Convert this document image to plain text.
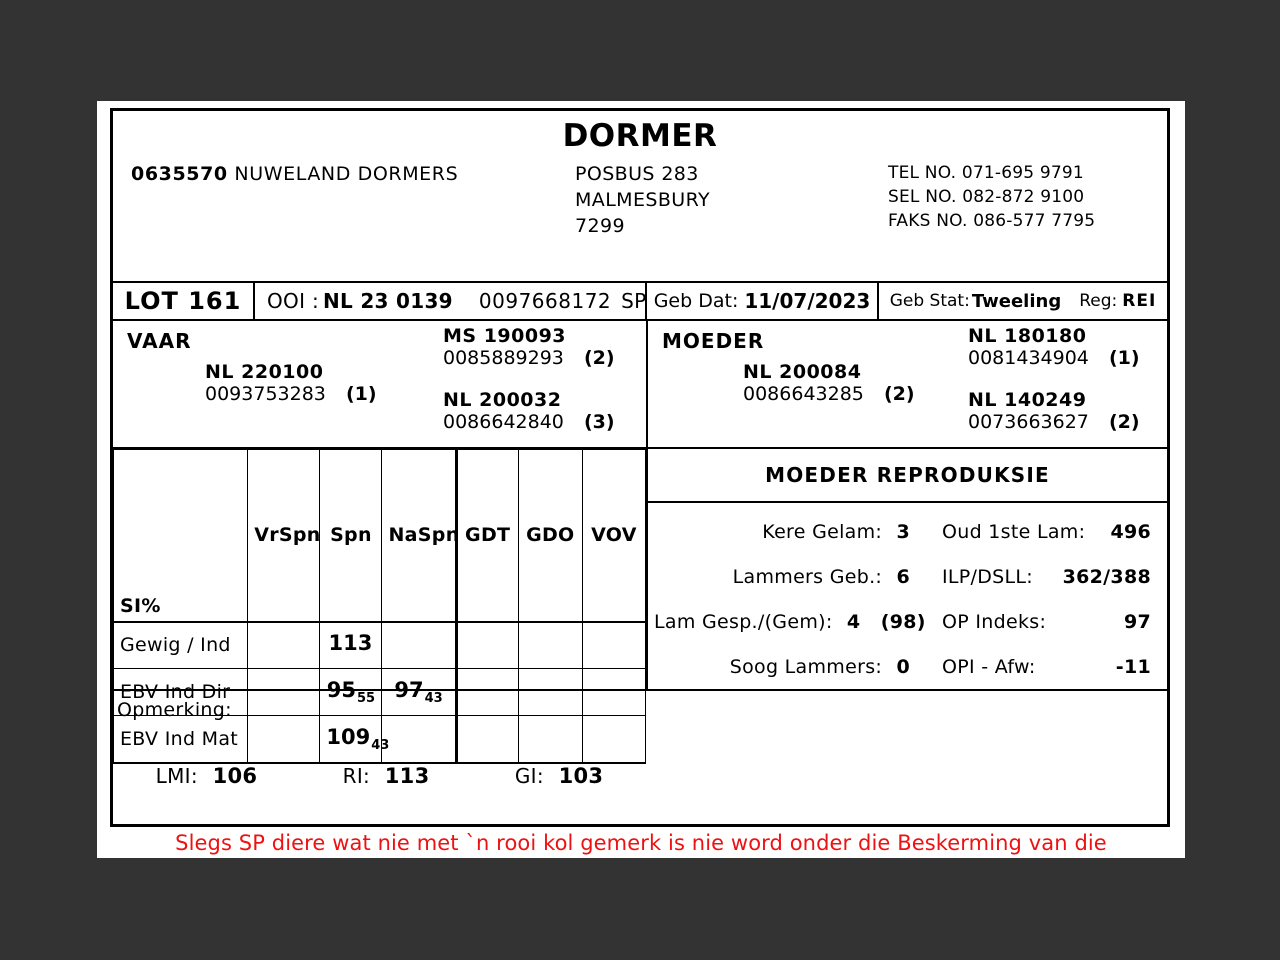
DORMER
0635570 NUWELAND DORMERS	POSBUS 283
MALMESBURY
7299
TEL NO. 071-695 9791
SEL NO. 082-872 9100
FAKS NO. 086-577 7795
LOT 161	OOI : NL 23 0139 0097668172 SP Geb Dat: 11/07/2023 Geb Stat: Tweeling Reg: REI
VAAR
NL 220100
0093753283 (1)
MS 190093
0085889293 (2)
NL 200032
0086642840 (3)
MOEDER
NL 200084
0086643285 (2)
NL 180180
0081434904 (1)
NL 140249
0073663627 (2)
SI%	VrSpn	Spn	NaSpn	GDT	GDO	VOV
Gewig / Ind		113				
EBV Ind Dir		$95_{55}$	$97_{43}$			
EBV Ind Mat		$109_{43}$				
LMI: 106	RI: 113	GI: 103
MOEDER REPRODUKSIE
Kere Gelam: 3	Oud 1ste Lam: 496
Lammers Geb.: 6	ILP/DSLL: 362/388
Lam Gesp./(Gem): 4 (98) OP Indeks:	97
Soog Lammers: 0	OPI - Afw:	-11
Opmerking:
Slegs SP diere wat nie met `n rooi kol gemerk is nie word onder die Beskerming van die
